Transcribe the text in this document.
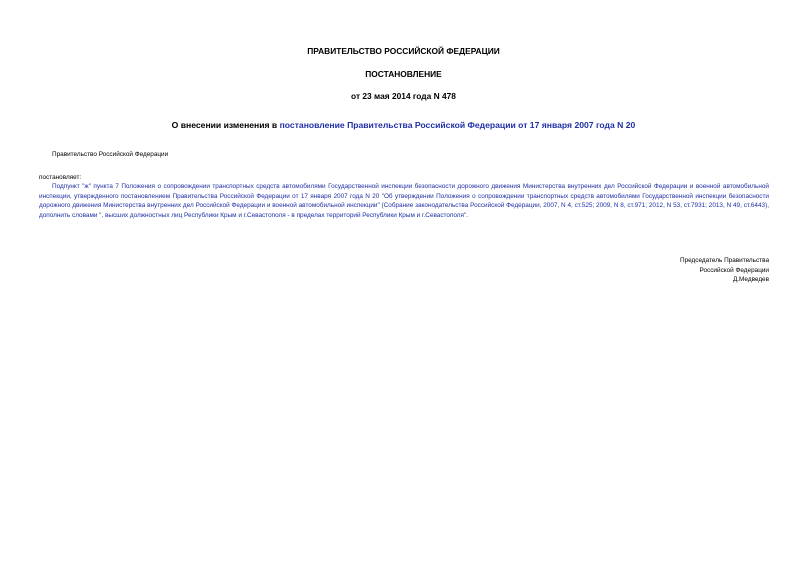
ПРАВИТЕЛЬСТВО РОССИЙСКОЙ ФЕДЕРАЦИИ
ПОСТАНОВЛЕНИЕ
от 23 мая 2014 года N 478
О внесении изменения в постановление Правительства Российской Федерации от 17 января 2007 года N 20
Правительство Российской Федерации
постановляет:
Подпункт "ж" пункта 7 Положения о сопровождении транспортных средств автомобилями Государственной инспекции безопасности дорожного движения Министерства внутренних дел Российской Федерации и военной автомобильной инспекции, утвержденного постановлением Правительства Российской Федерации от 17 января 2007 года N 20 "Об утверждении Положения о сопровождении транспортных средств автомобилями Государственной инспекции безопасности дорожного движения Министерства внутренних дел Российской Федерации и военной автомобильной инспекции" (Собрание законодательства Российской Федерации, 2007, N 4, ст.525; 2009, N 8, ст.971; 2012, N 53, ст.7931; 2013, N 49, ст.6443), дополнить словами ", высших должностных лиц Республики Крым и г.Севастополя - в пределах территорий Республики Крым и г.Севастополя".
Председатель Правительства
Российской Федерации
Д.Медведев
